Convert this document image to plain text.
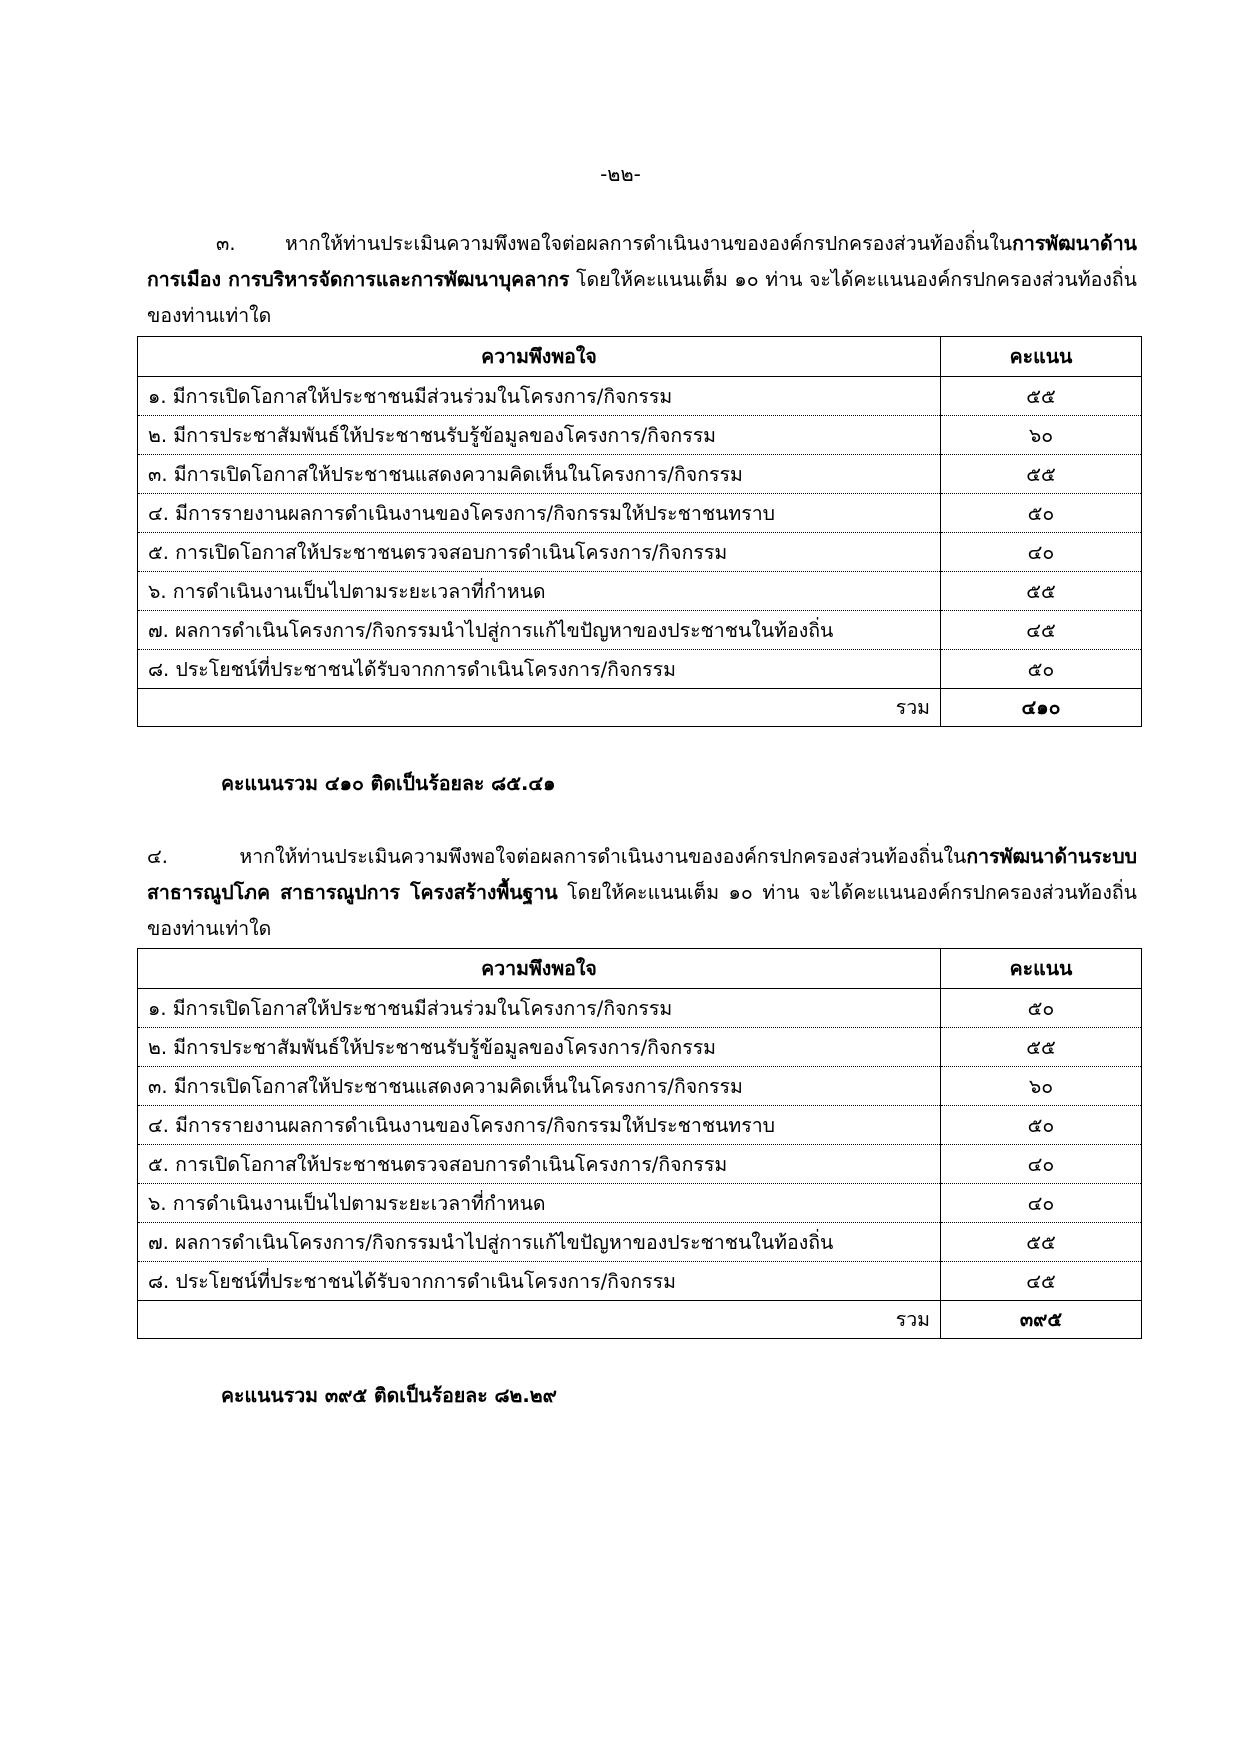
-๒๒-

๓. หากให้ท่านประเมินความพึงพอใจต่อผลการดำเนินงานขององค์กรปกครองส่วนท้องถิ่นในการพัฒนาด้านการเมือง การบริหารจัดการและการพัฒนาบุคลากร โดยให้คะแนนเต็ม ๑๐ ท่าน จะได้คะแนนองค์กรปกครองส่วนท้องถิ่นของท่านเท่าใด

ความพึงพอใจ	คะแนน
๑. มีการเปิดโอกาสให้ประชาชนมีส่วนร่วมในโครงการ/กิจกรรม	๕๕
๒. มีการประชาสัมพันธ์ให้ประชาชนรับรู้ข้อมูลของโครงการ/กิจกรรม	๖๐
๓. มีการเปิดโอกาสให้ประชาชนแสดงความคิดเห็นในโครงการ/กิจกรรม	๕๕
๔. มีการรายงานผลการดำเนินงานของโครงการ/กิจกรรมให้ประชาชนทราบ	๕๐
๕. การเปิดโอกาสให้ประชาชนตรวจสอบการดำเนินโครงการ/กิจกรรม	๔๐
๖. การดำเนินงานเป็นไปตามระยะเวลาที่กำหนด	๕๕
๗. ผลการดำเนินโครงการ/กิจกรรมนำไปสู่การแก้ไขปัญหาของประชาชนในท้องถิ่น	๔๕
๘. ประโยชน์ที่ประชาชนได้รับจากการดำเนินโครงการ/กิจกรรม	๕๐
รวม	๔๑๐
คะแนนรวม ๔๑๐ ติดเป็นร้อยละ ๘๕.๔๑

๔. หากให้ท่านประเมินความพึงพอใจต่อผลการดำเนินงานขององค์กรปกครองส่วนท้องถิ่นในการพัฒนาด้านระบบสาธารณูปโภค สาธารณูปการ โครงสร้างพื้นฐาน โดยให้คะแนนเต็ม ๑๐ ท่าน จะได้คะแนนองค์กรปกครองส่วนท้องถิ่นของท่านเท่าใด

ความพึงพอใจ	คะแนน
๑. มีการเปิดโอกาสให้ประชาชนมีส่วนร่วมในโครงการ/กิจกรรม	๕๐
๒. มีการประชาสัมพันธ์ให้ประชาชนรับรู้ข้อมูลของโครงการ/กิจกรรม	๕๕
๓. มีการเปิดโอกาสให้ประชาชนแสดงความคิดเห็นในโครงการ/กิจกรรม	๖๐
๔. มีการรายงานผลการดำเนินงานของโครงการ/กิจกรรมให้ประชาชนทราบ	๕๐
๕. การเปิดโอกาสให้ประชาชนตรวจสอบการดำเนินโครงการ/กิจกรรม	๔๐
๖. การดำเนินงานเป็นไปตามระยะเวลาที่กำหนด	๔๐
๗. ผลการดำเนินโครงการ/กิจกรรมนำไปสู่การแก้ไขปัญหาของประชาชนในท้องถิ่น	๕๕
๘. ประโยชน์ที่ประชาชนได้รับจากการดำเนินโครงการ/กิจกรรม	๔๕
รวม	๓๙๕
คะแนนรวม ๓๙๕ ติดเป็นร้อยละ ๘๒.๒๙
